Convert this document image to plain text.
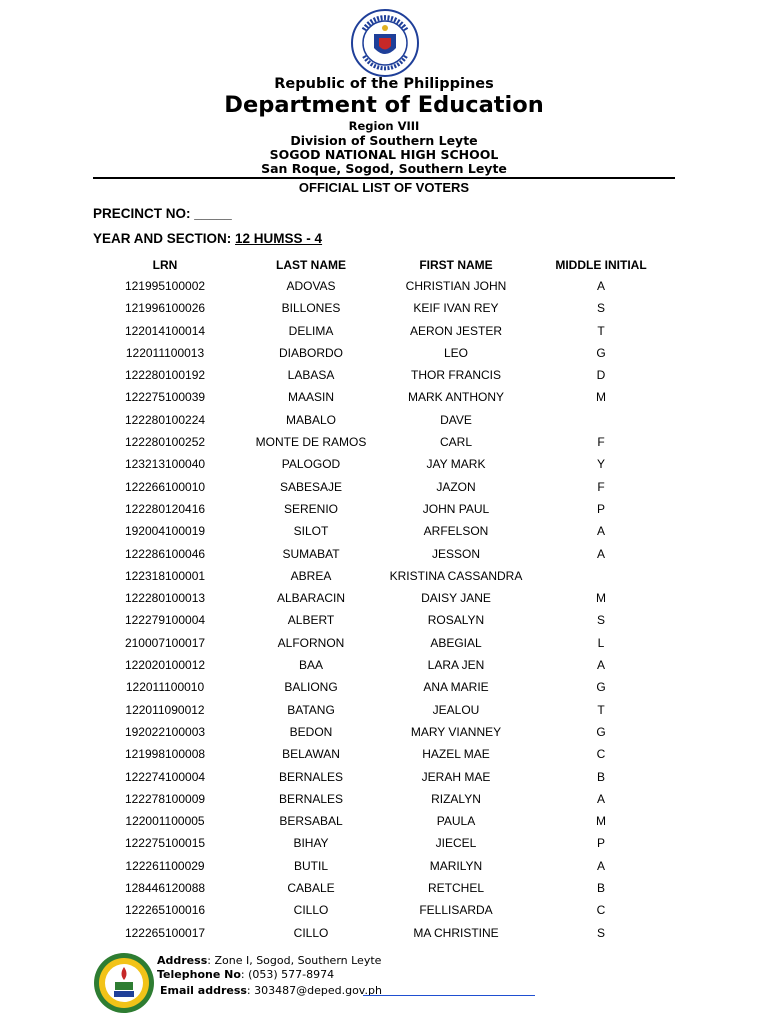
Republic of the Philippines
Department of Education
Region VIII
Division of Southern Leyte
SOGOD NATIONAL HIGH SCHOOL
San Roque, Sogod, Southern Leyte
OFFICIAL LIST OF VOTERS
PRECINCT NO: _____
YEAR AND SECTION: 12 HUMSS - 4
LRN	LAST NAME	FIRST NAME	MIDDLE INITIAL
121995100002	ADOVAS	CHRISTIAN JOHN	A
121996100026	BILLONES	KEIF IVAN REY	S
122014100014	DELIMA	AERON JESTER	T
122011100013	DIABORDO	LEO	G
122280100192	LABASA	THOR FRANCIS	D
122275100039	MAASIN	MARK ANTHONY	M
122280100224	MABALO	DAVE
122280100252	MONTE DE RAMOS	CARL	F
123213100040	PALOGOD	JAY MARK	Y
122266100010	SABESAJE	JAZON	F
122280120416	SERENIO	JOHN PAUL	P
192004100019	SILOT	ARFELSON	A
122286100046	SUMABAT	JESSON	A
122318100001	ABREA	KRISTINA CASSANDRA
122280100013	ALBARACIN	DAISY JANE	M
122279100004	ALBERT	ROSALYN	S
210007100017	ALFORNON	ABEGIAL	L
122020100012	BAA	LARA JEN	A
122011100010	BALIONG	ANA MARIE	G
122011090012	BATANG	JEALOU	T
192022100003	BEDON	MARY VIANNEY	G
121998100008	BELAWAN	HAZEL MAE	C
122274100004	BERNALES	JERAH MAE	B
122278100009	BERNALES	RIZALYN	A
122001100005	BERSABAL	PAULA	M
122275100015	BIHAY	JIECEL	P
122261100029	BUTIL	MARILYN	A
128446120088	CABALE	RETCHEL	B
122265100016	CILLO	FELLISARDA	C
122265100017	CILLO	MA CHRISTINE	S
Address: Zone I, Sogod, Southern Leyte
Telephone No: (053) 577-8974
Email address: 303487@deped.gov.ph
